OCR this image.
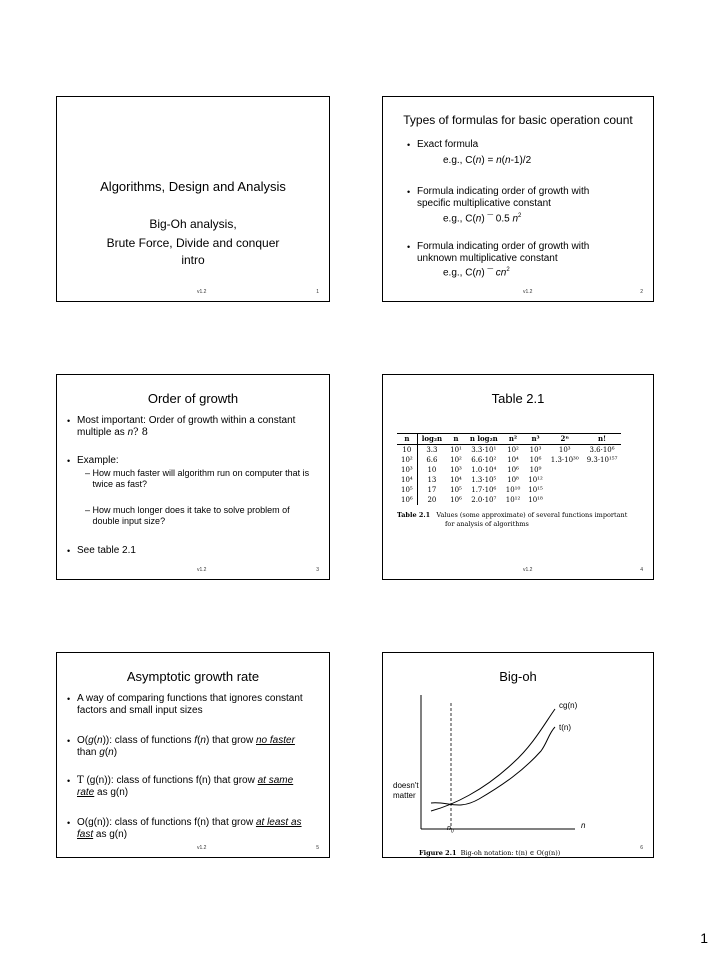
Algorithms, Design and Analysis
Big-Oh analysis,
Brute Force, Divide and conquer
intro
v1.2	1
Types of formulas for basic operation count
• Exact formula
e.g., C(n) = n(n-1)/2
• Formula indicating order of growth with
specific multiplicative constant
e.g., C(n) ¯ 0.5 $n^2$
• Formula indicating order of growth with
unknown multiplicative constant
e.g., C(n) ¯ $cn^2$
v1.2	2
Order of growth
• Most important: Order of growth within a constant
multiple as n? 8
• Example:
– How much faster will algorithm run on computer that is
twice as fast?
– How much longer does it take to solve problem of
double input size?
• See table 2.1
v1.2	3
Table 2.1
n	log₂n	n	n log₂n	n²	n³	2ⁿ	n!
10	3.3	10¹	3.3·10¹	10²	10³	10³	3.6·10⁶
10²	6.6	10²	6.6·10²	10⁴	10⁶	1.3·10³⁰	9.3·10¹⁵⁷
10³	10	10³	1.0·10⁴	10⁶	10⁹		
10⁴	13	10⁴	1.3·10⁵	10⁸	10¹²		
10⁵	17	10⁵	1.7·10⁶	10¹⁰	10¹⁵		
10⁶	20	10⁶	2.0·10⁷	10¹²	10¹⁸		
Table 2.1 Values (some approximate) of several functions important
for analysis of algorithms
v1.2	4
Asymptotic growth rate
• A way of comparing functions that ignores constant
factors and small input sizes
• O(g(n)): class of functions f(n) that grow no faster
than g(n)
• T (g(n)): class of functions f(n) that grow at same
rate as g(n)
• O(g(n)): class of functions f(n) that grow at least as
fast as g(n)
v1.2	5
Big-oh
cg(n)
t(n)
doesn't
matter
$n_0$
n
Figure 2.1 Big-oh notation: t(n) ∈ O(g(n))
6
1
